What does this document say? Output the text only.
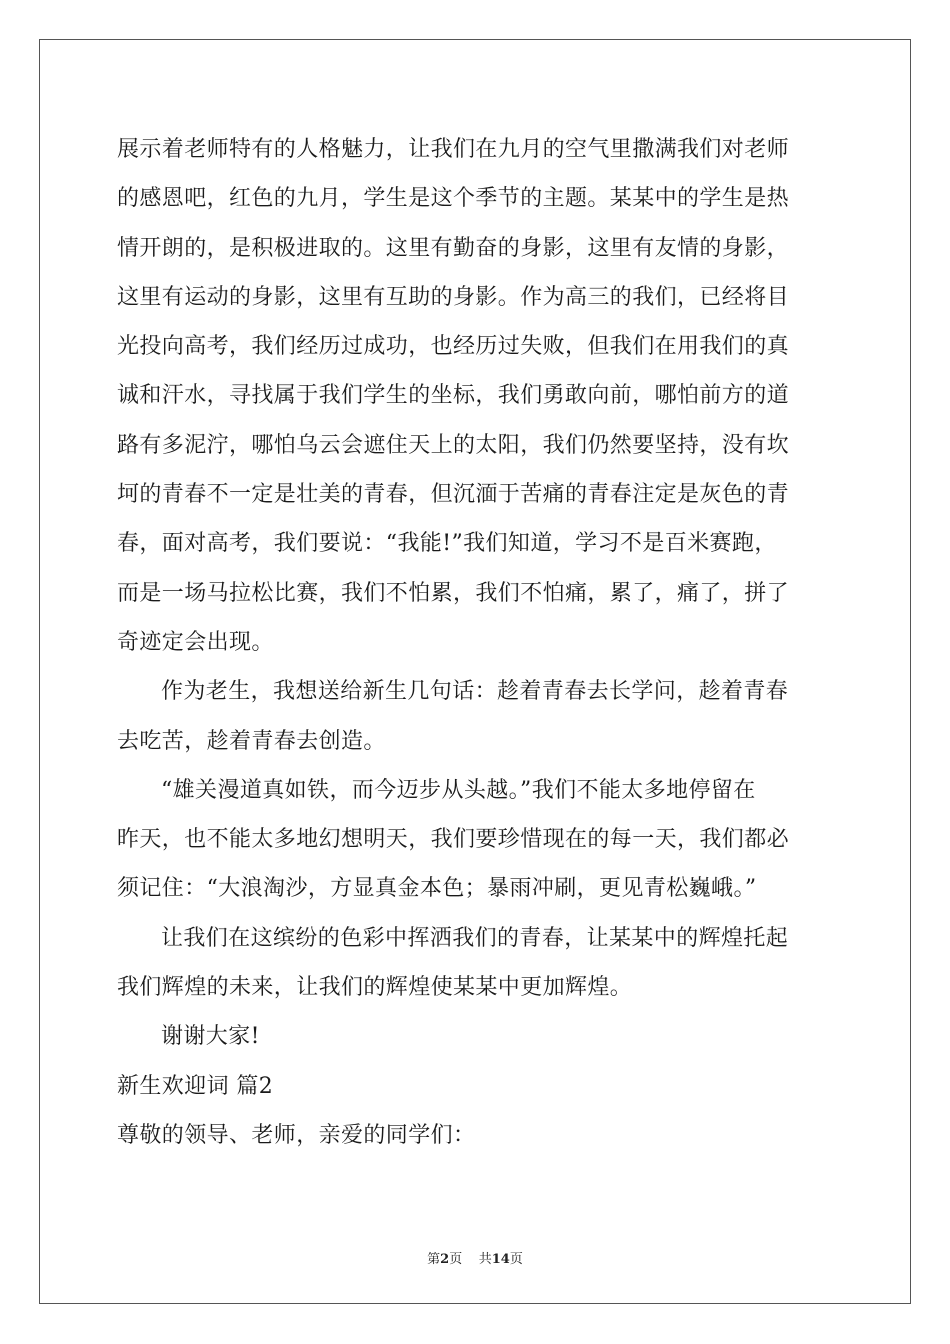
展示着老师特有的人格魅力，让我们在九月的空气里撒满我们对老师
的感恩吧，红色的九月，学生是这个季节的主题。某某中的学生是热
情开朗的，是积极进取的。这里有勤奋的身影，这里有友情的身影，
这里有运动的身影，这里有互助的身影。作为高三的我们，已经将目
光投向高考，我们经历过成功，也经历过失败，但我们在用我们的真
诚和汗水，寻找属于我们学生的坐标，我们勇敢向前，哪怕前方的道
路有多泥泞，哪怕乌云会遮住天上的太阳，我们仍然要坚持，没有坎
坷的青春不一定是壮美的青春，但沉湎于苦痛的青春注定是灰色的青
春，面对高考，我们要说：“我能!”我们知道，学习不是百米赛跑，
而是一场马拉松比赛，我们不怕累，我们不怕痛，累了，痛了，拼了
奇迹定会出现。
作为老生，我想送给新生几句话：趁着青春去长学问，趁着青春
去吃苦，趁着青春去创造。
“雄关漫道真如铁，而今迈步从头越。”我们不能太多地停留在
昨天，也不能太多地幻想明天，我们要珍惜现在的每一天，我们都必
须记住：“大浪淘沙，方显真金本色；暴雨冲刷，更见青松巍峨。”
让我们在这缤纷的色彩中挥洒我们的青春，让某某中的辉煌托起
我们辉煌的未来，让我们的辉煌使某某中更加辉煌。
谢谢大家!
新生欢迎词 篇2
尊敬的领导、老师，亲爱的同学们：
第2页 共14页
